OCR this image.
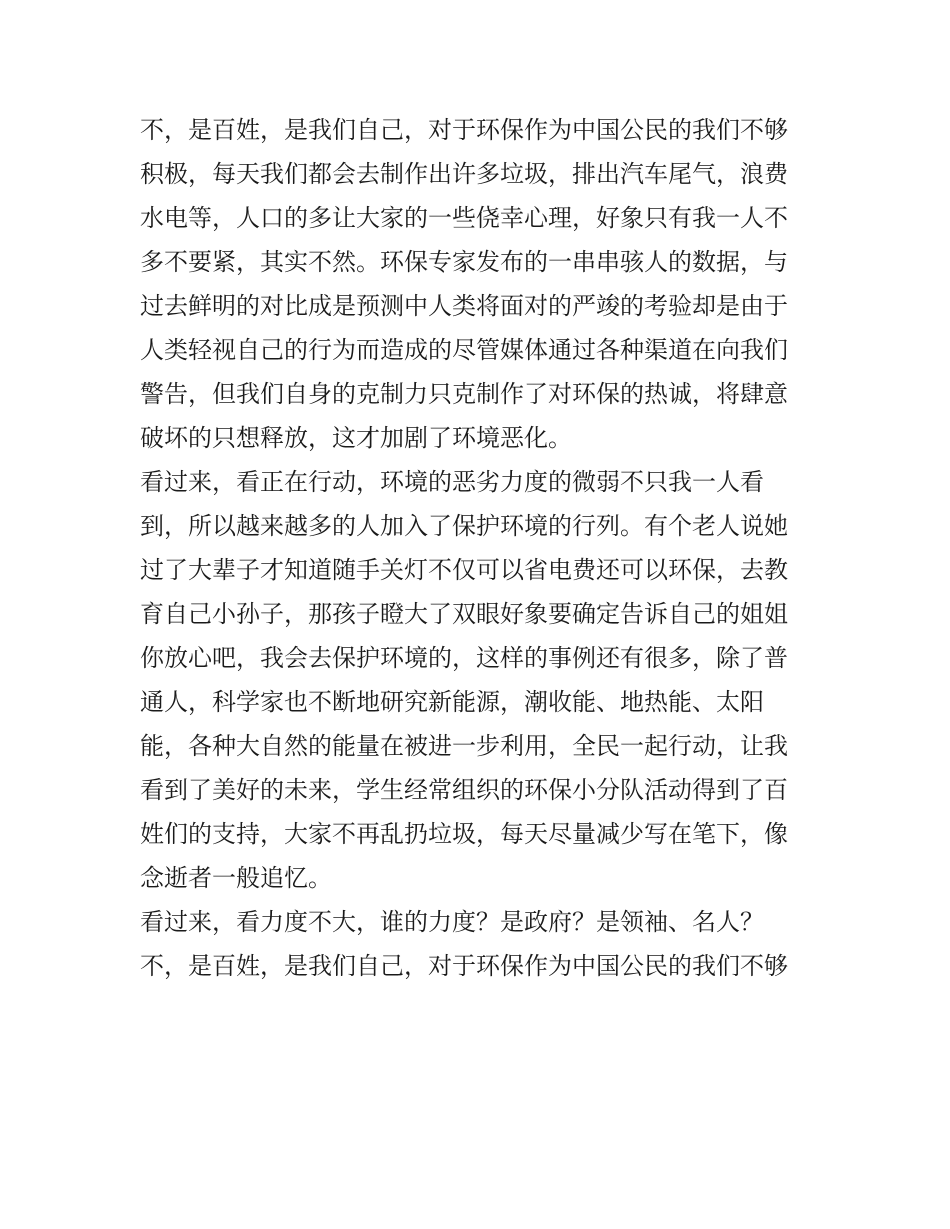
不，是百姓，是我们自己，对于环保作为中国公民的我们不够
积极，每天我们都会去制作出许多垃圾，排出汽车尾气，浪费
水电等，人口的多让大家的一些侥幸心理，好象只有我一人不
多不要紧，其实不然。环保专家发布的一串串骇人的数据，与
过去鲜明的对比成是预测中人类将面对的严竣的考验却是由于
人类轻视自己的行为而造成的尽管媒体通过各种渠道在向我们
警告，但我们自身的克制力只克制作了对环保的热诚，将肆意
破坏的只想释放，这才加剧了环境恶化。
看过来，看正在行动，环境的恶劣力度的微弱不只我一人看
到，所以越来越多的人加入了保护环境的行列。有个老人说她
过了大辈子才知道随手关灯不仅可以省电费还可以环保，去教
育自己小孙子，那孩子瞪大了双眼好象要确定告诉自己的姐姐
你放心吧，我会去保护环境的，这样的事例还有很多，除了普
通人，科学家也不断地研究新能源，潮收能、地热能、太阳
能，各种大自然的能量在被进一步利用，全民一起行动，让我
看到了美好的未来，学生经常组织的环保小分队活动得到了百
姓们的支持，大家不再乱扔垃圾，每天尽量减少写在笔下，像
念逝者一般追忆。
看过来，看力度不大，谁的力度？是政府？是领袖、名人？
不，是百姓，是我们自己，对于环保作为中国公民的我们不够
